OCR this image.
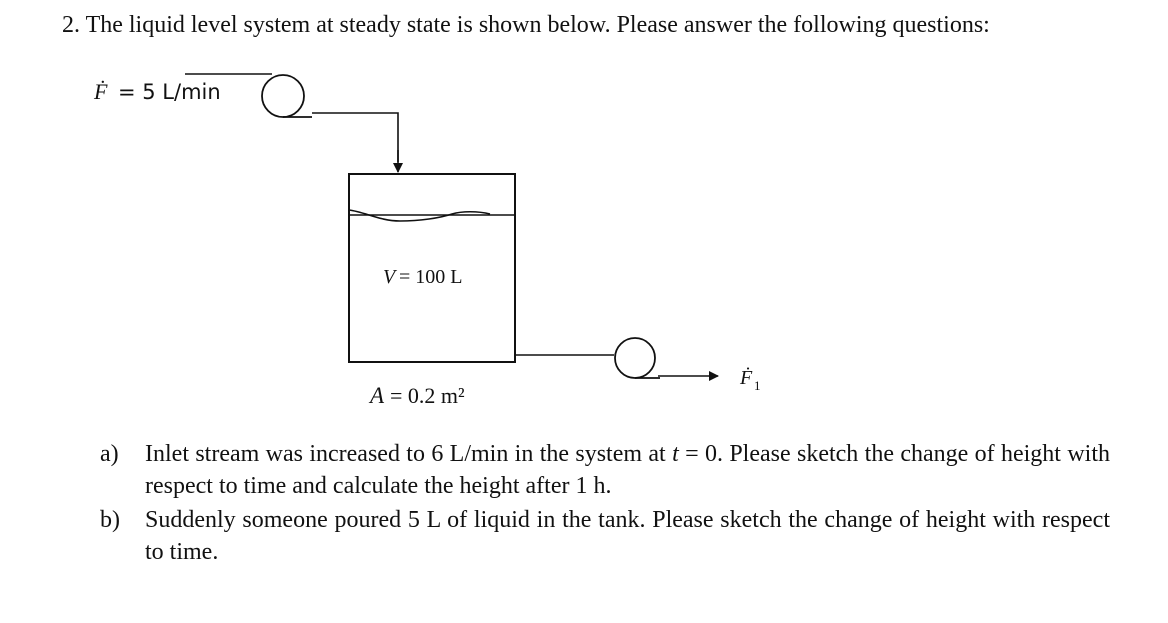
2. The liquid level system at steady state is shown below. Please answer the following questions:
Ḟ = 5 L/min
V = 100 L
A = 0.2 m²
Ḟ 1
a)	Inlet stream was increased to 6 L/min in the system at t = 0. Please sketch the change of height with respect to time and calculate the height after 1 h.
b)	Suddenly someone poured 5 L of liquid in the tank. Please sketch the change of height with respect to time.
